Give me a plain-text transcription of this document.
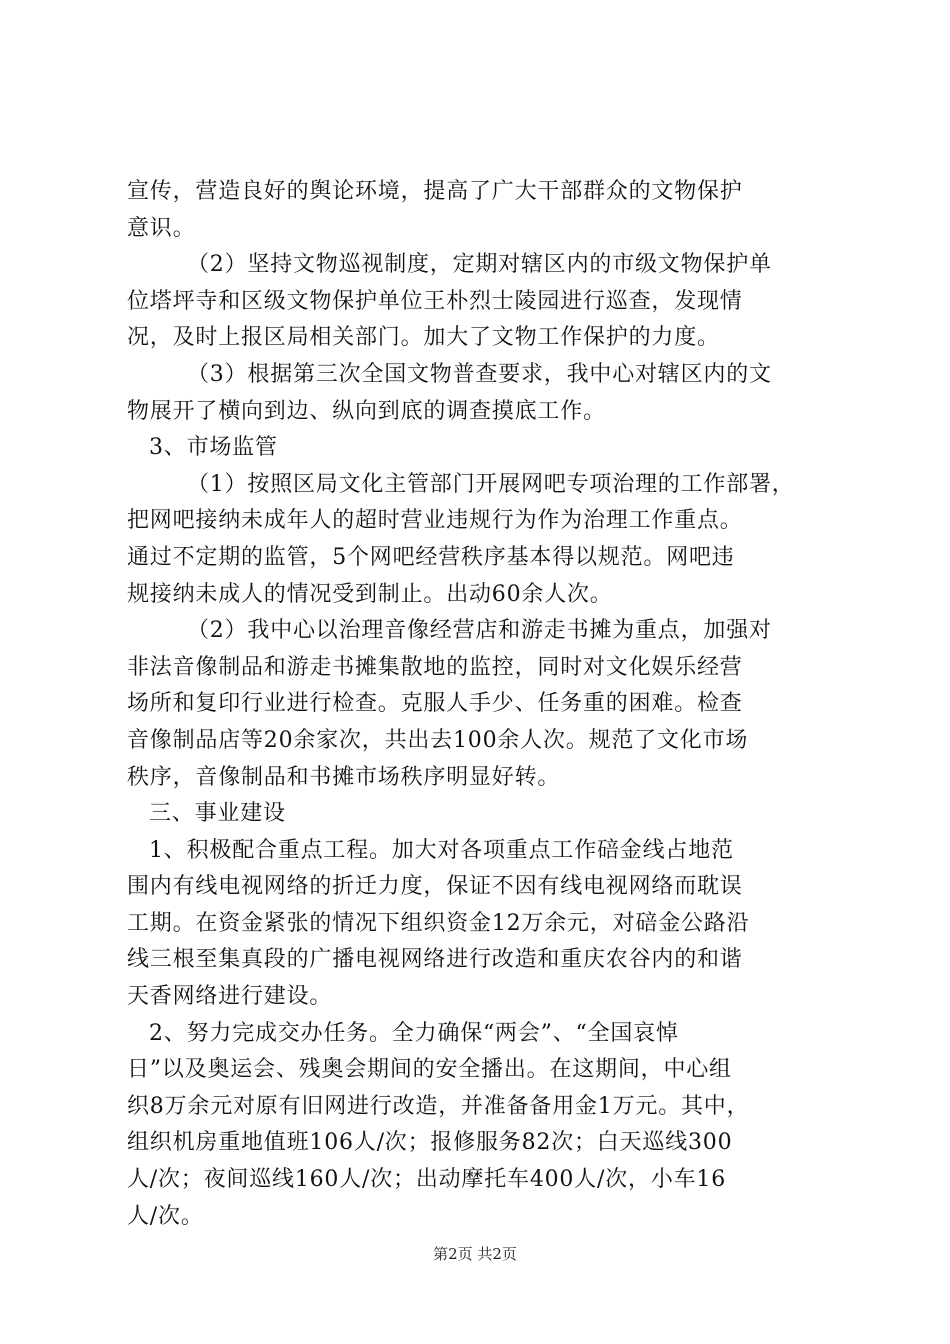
宣传，营造良好的舆论环境，提高了广大干部群众的文物保护
意识。
（2）坚持文物巡视制度，定期对辖区内的市级文物保护单
位塔坪寺和区级文物保护单位王朴烈士陵园进行巡查，发现情
况，及时上报区局相关部门。加大了文物工作保护的力度。
（3）根据第三次全国文物普查要求，我中心对辖区内的文
物展开了横向到边、纵向到底的调查摸底工作。
3、市场监管
（1）按照区局文化主管部门开展网吧专项治理的工作部署，
把网吧接纳未成年人的超时营业违规行为作为治理工作重点。
通过不定期的监管，5个网吧经营秩序基本得以规范。网吧违
规接纳未成人的情况受到制止。出动60余人次。
（2）我中心以治理音像经营店和游走书摊为重点，加强对
非法音像制品和游走书摊集散地的监控，同时对文化娱乐经营
场所和复印行业进行检查。克服人手少、任务重的困难。检查
音像制品店等20余家次，共出去100余人次。规范了文化市场
秩序，音像制品和书摊市场秩序明显好转。
三、事业建设
1、积极配合重点工程。加大对各项重点工作碚金线占地范
围内有线电视网络的折迁力度，保证不因有线电视网络而耽误
工期。在资金紧张的情况下组织资金12万余元，对碚金公路沿
线三根至集真段的广播电视网络进行改造和重庆农谷内的和谐
天香网络进行建设。
2、努力完成交办任务。全力确保“两会”、“全国哀悼
日”以及奥运会、残奥会期间的安全播出。在这期间，中心组
织8万余元对原有旧网进行改造，并准备备用金1万元。其中，
组织机房重地值班106人/次；报修服务82次；白天巡线300
人/次；夜间巡线160人/次；出动摩托车400人/次，小车16
人/次。
第2页 共2页
